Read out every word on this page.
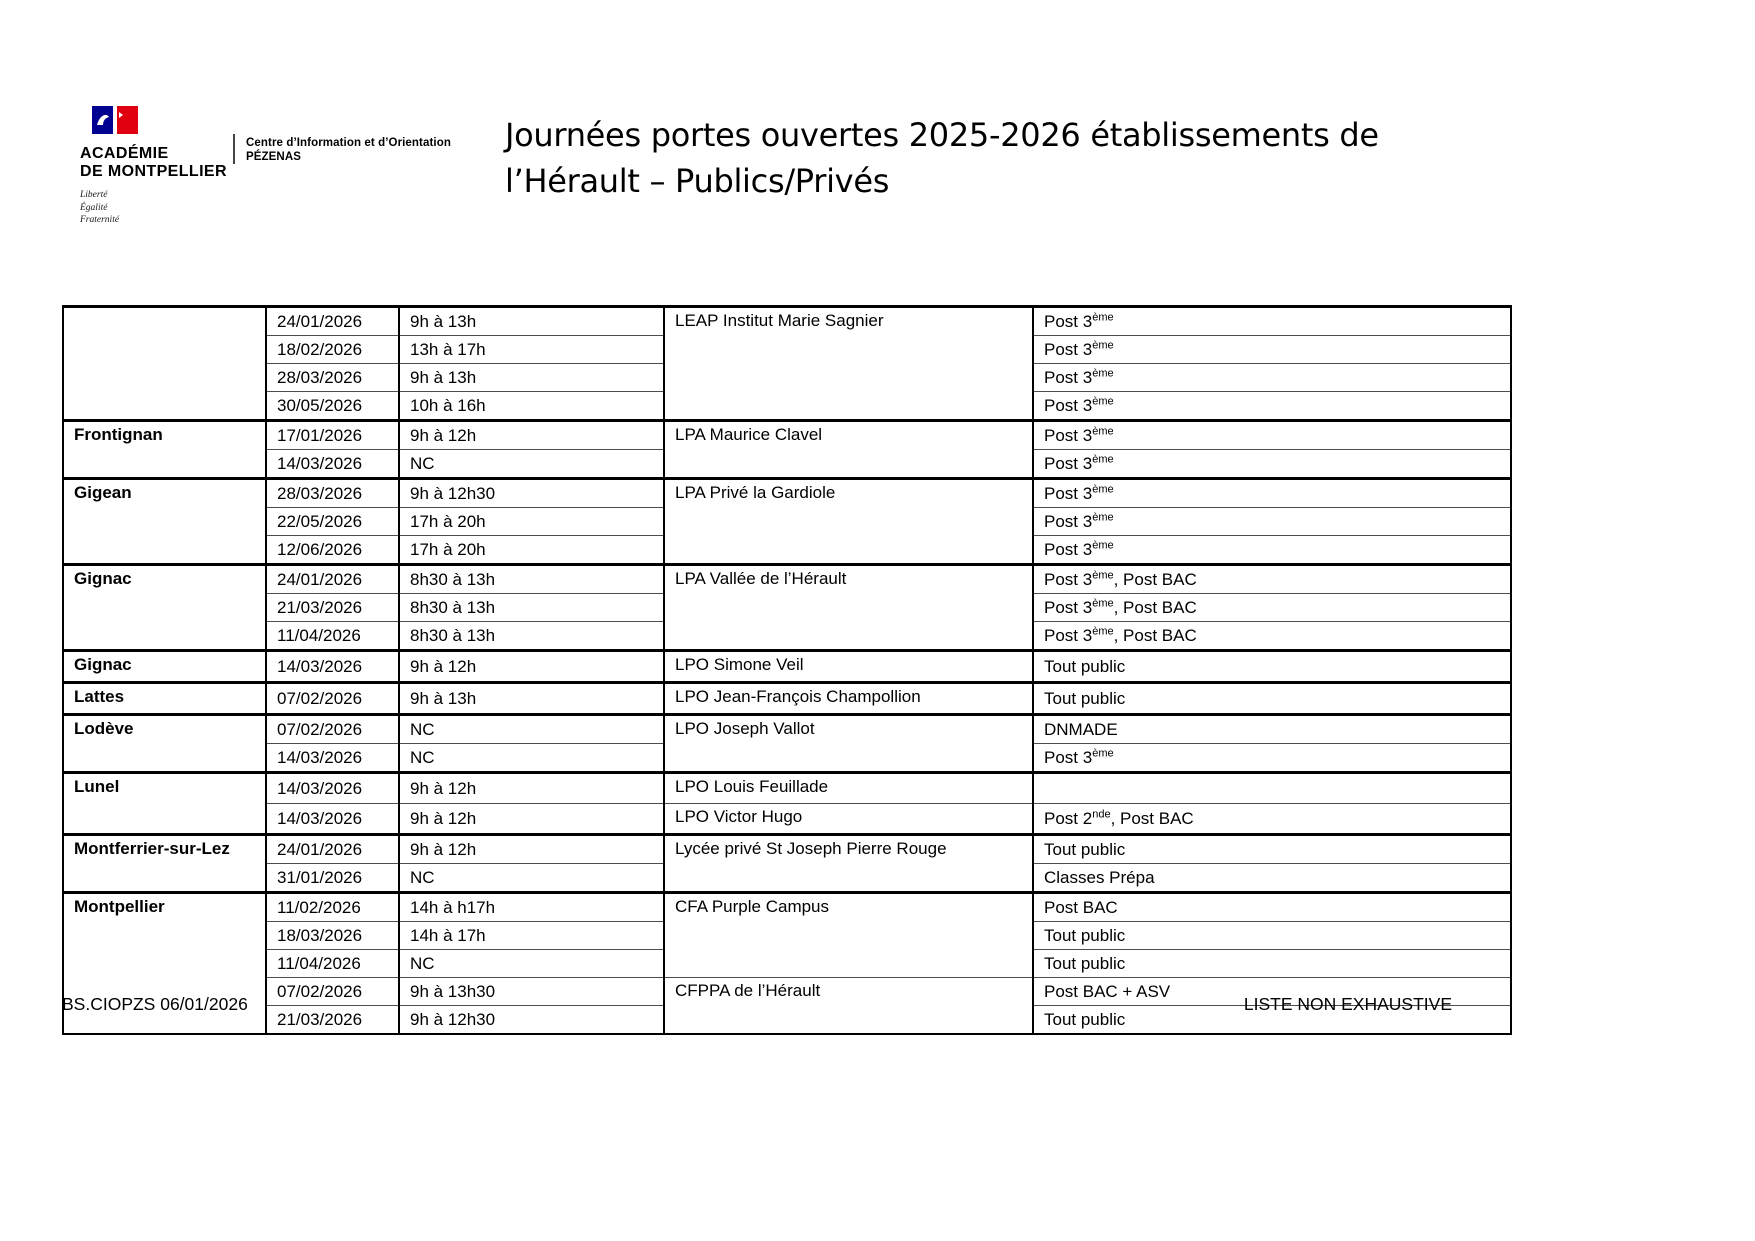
ACADÉMIE
DE MONTPELLIER
Liberté
Égalité
Fraternité
Centre d’Information et d’Orientation
PÉZENAS
Journées portes ouvertes 2025-2026 établissements de
l’Hérault – Publics/Privés
	24/01/2026	9h à 13h	LEAP Institut Marie Sagnier	Post 3ème
	18/02/2026	13h à 17h		Post 3ème
	28/03/2026	9h à 13h		Post 3ème
	30/05/2026	10h à 16h		Post 3ème
Frontignan	17/01/2026	9h à 12h	LPA Maurice Clavel	Post 3ème
	14/03/2026	NC		Post 3ème
Gigean	28/03/2026	9h à 12h30	LPA Privé la Gardiole	Post 3ème
	22/05/2026	17h à 20h		Post 3ème
	12/06/2026	17h à 20h		Post 3ème
Gignac	24/01/2026	8h30 à 13h	LPA Vallée de l’Hérault	Post 3ème, Post BAC
	21/03/2026	8h30 à 13h		Post 3ème, Post BAC
	11/04/2026	8h30 à 13h		Post 3ème, Post BAC
Gignac	14/03/2026	9h à 12h	LPO Simone Veil	Tout public
Lattes	07/02/2026	9h à 13h	LPO Jean-François Champollion	Tout public
Lodève	07/02/2026	NC	LPO Joseph Vallot	DNMADE
	14/03/2026	NC		Post 3ème
Lunel	14/03/2026	9h à 12h	LPO Louis Feuillade	
	14/03/2026	9h à 12h	LPO Victor Hugo	Post 2nde, Post BAC
Montferrier-sur-Lez	24/01/2026	9h à 12h	Lycée privé St Joseph Pierre Rouge	Tout public
	31/01/2026	NC		Classes Prépa
Montpellier	11/02/2026	14h à h17h	CFA Purple Campus	Post BAC
	18/03/2026	14h à 17h		Tout public
	11/04/2026	NC		Tout public
	07/02/2026	9h à 13h30	CFPPA de l’Hérault	Post BAC + ASV
	21/03/2026	9h à 12h30		Tout public
BS.CIOPZS 06/01/2026	LISTE NON EXHAUSTIVE
